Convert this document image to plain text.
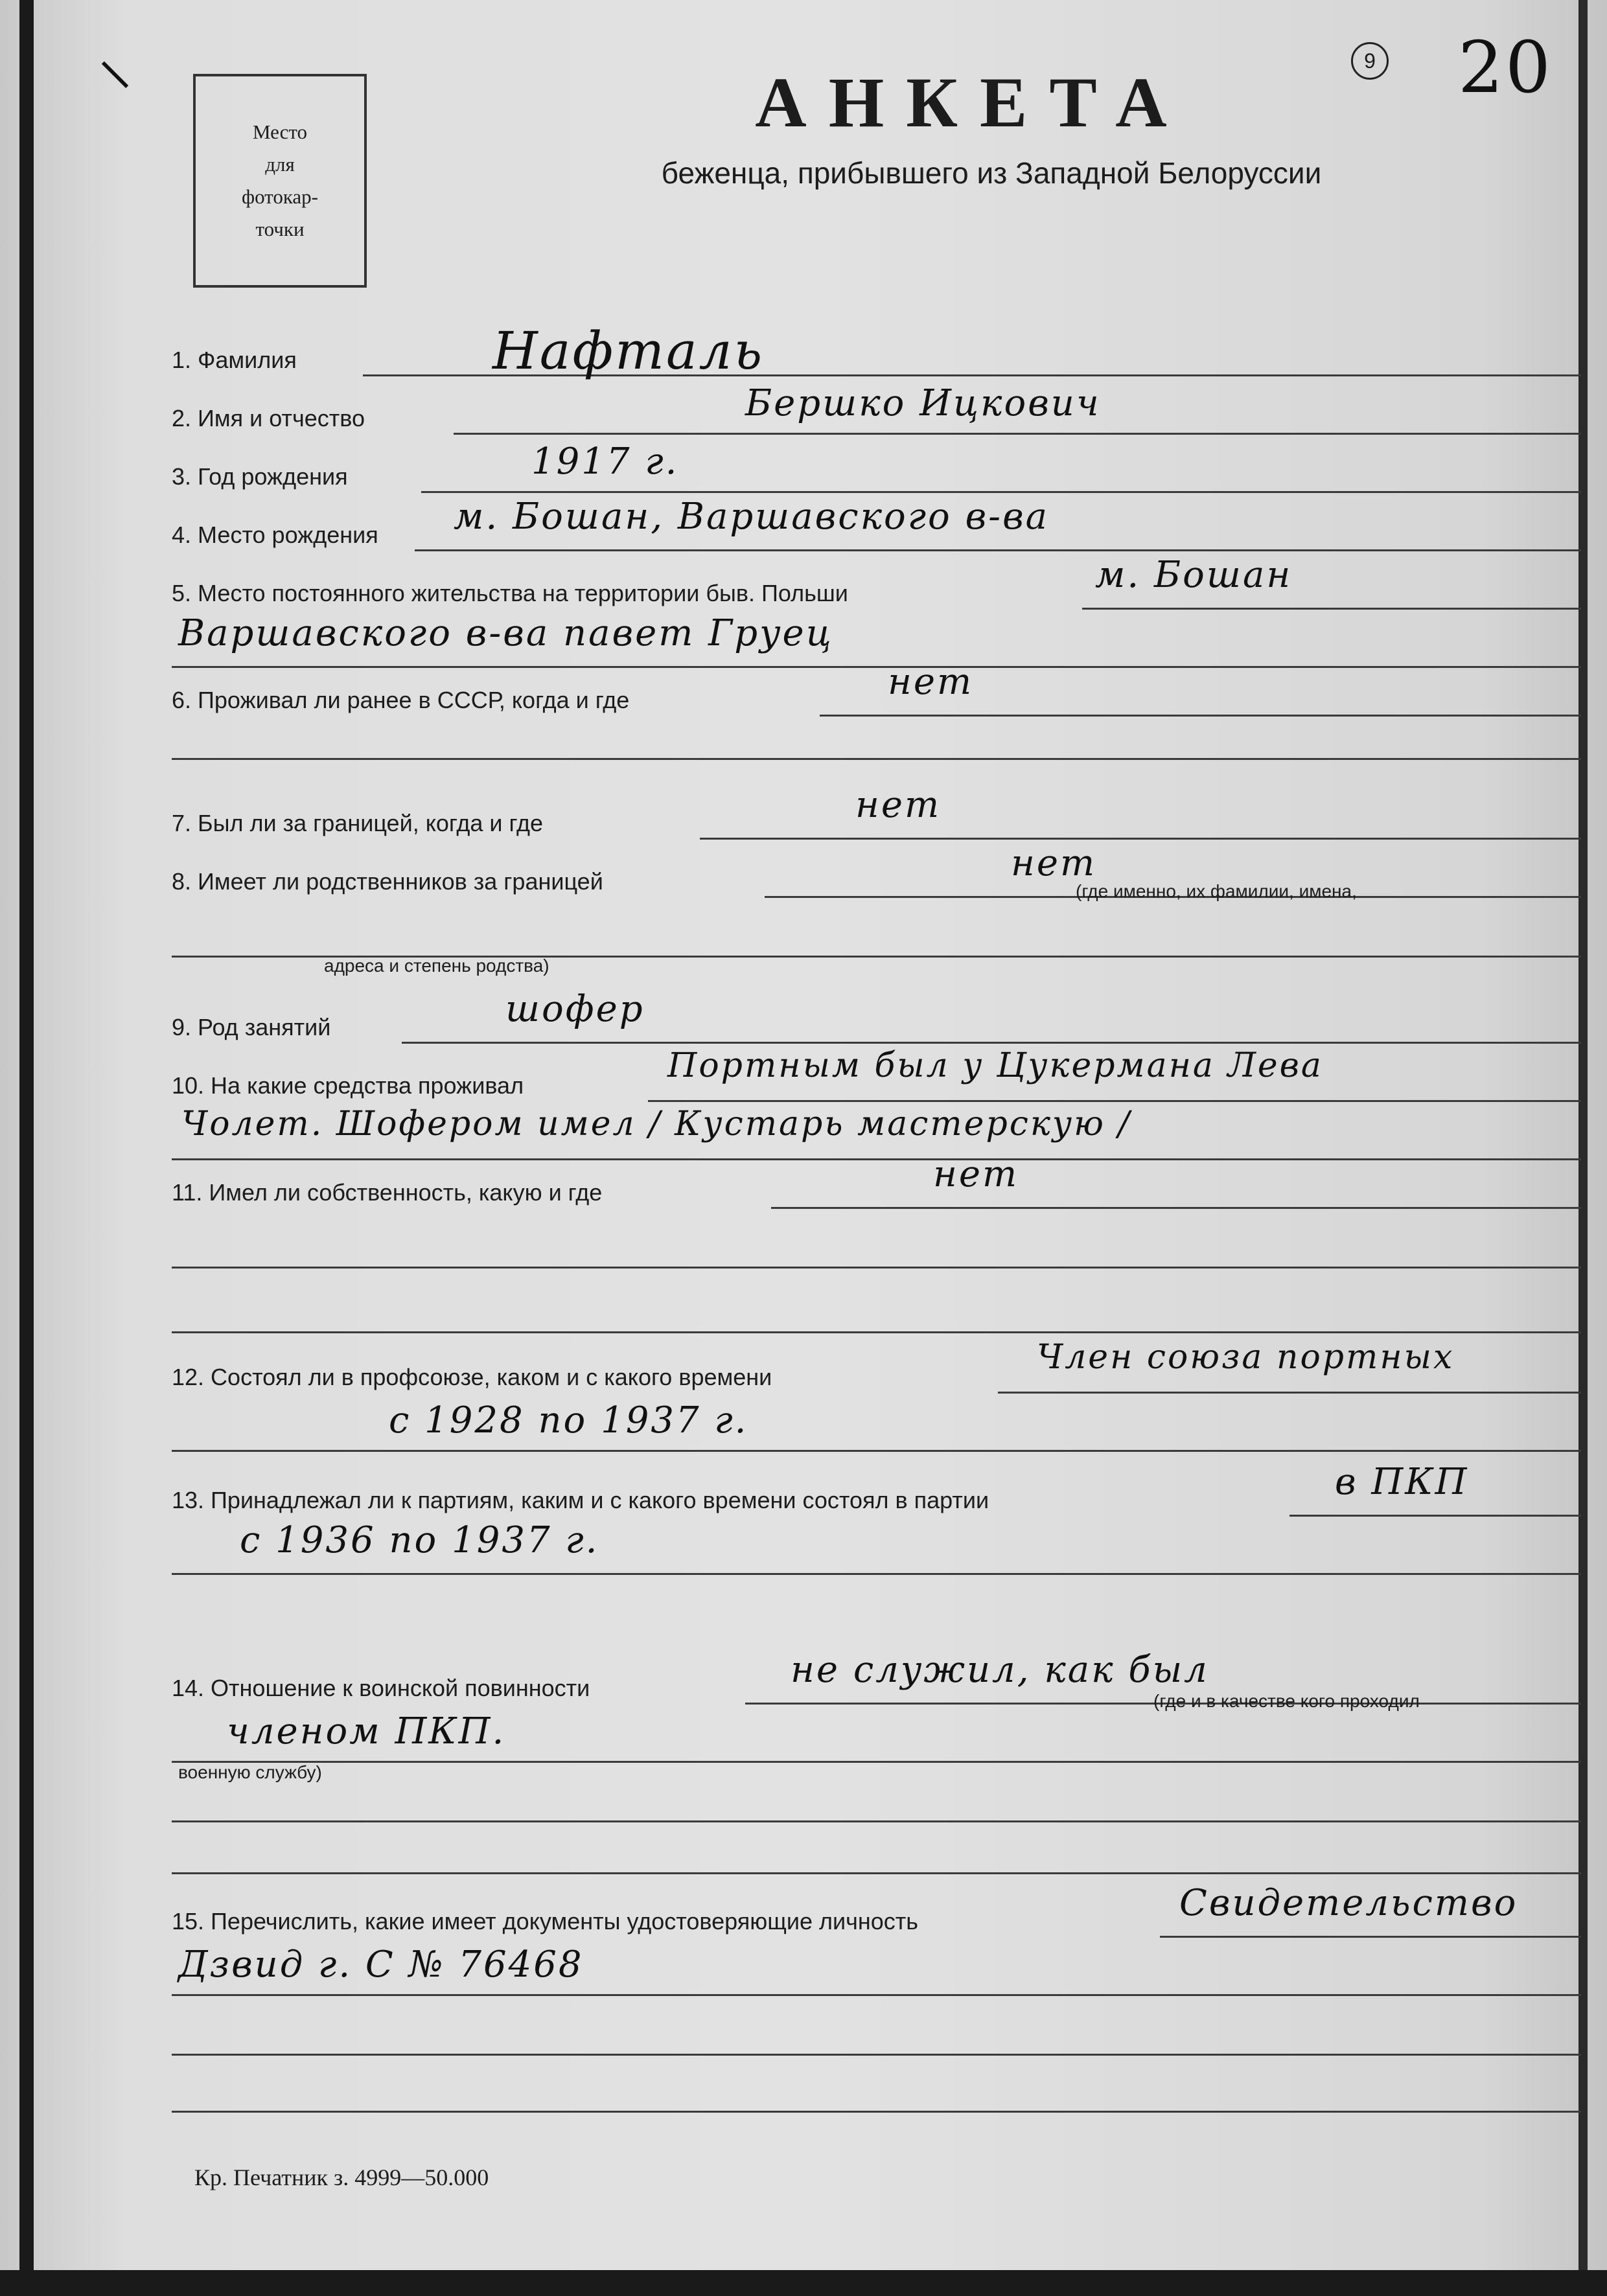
⸜
Место
для
фотокар-
точки
АНКЕТА
беженца, прибывшего из Западной Белоруссии
9 20
1. Фамилия	Нафталь
2. Имя и отчество	Бершко Ицкович
3. Год рождения	1917 г.
4. Место рождения м. Бошан, Варшавского в-ва
5. Место постоянного жительства на территории быв. Польши	м. Бошан
Варшавского в-ва павет Груец
6. Проживал ли ранее в СССР, когда и где	нет
7. Был ли за границей, когда и где	нет
8. Имеет ли родственников за границей	нет
(где именно, их фамилии, имена,
адреса и степень родства)
9. Род занятий	шофер
10. На какие средства проживал
Портным был у Цукермана Лева
Чолет. Шофером имел / Кустарь мастерскую /
11. Имел ли собственность, какую и где	нет
12. Состоял ли в профсоюзе, каком и с какого времени
Член союза портных
с 1928 по 1937 г.
13. Принадлежал ли к партиям, каким и с какого времени состоял в партии	в ПКП
с 1936 по 1937 г.
14. Отношение к воинской повинности	не служил, как был
(где и в качестве кого проходил
членом ПКП.
военную службу)
15. Перечислить, какие имеет документы удостоверяющие личность	Свидетельство
Дзвид г. С № 76468
Кр. Печатник з. 4999—50.000
